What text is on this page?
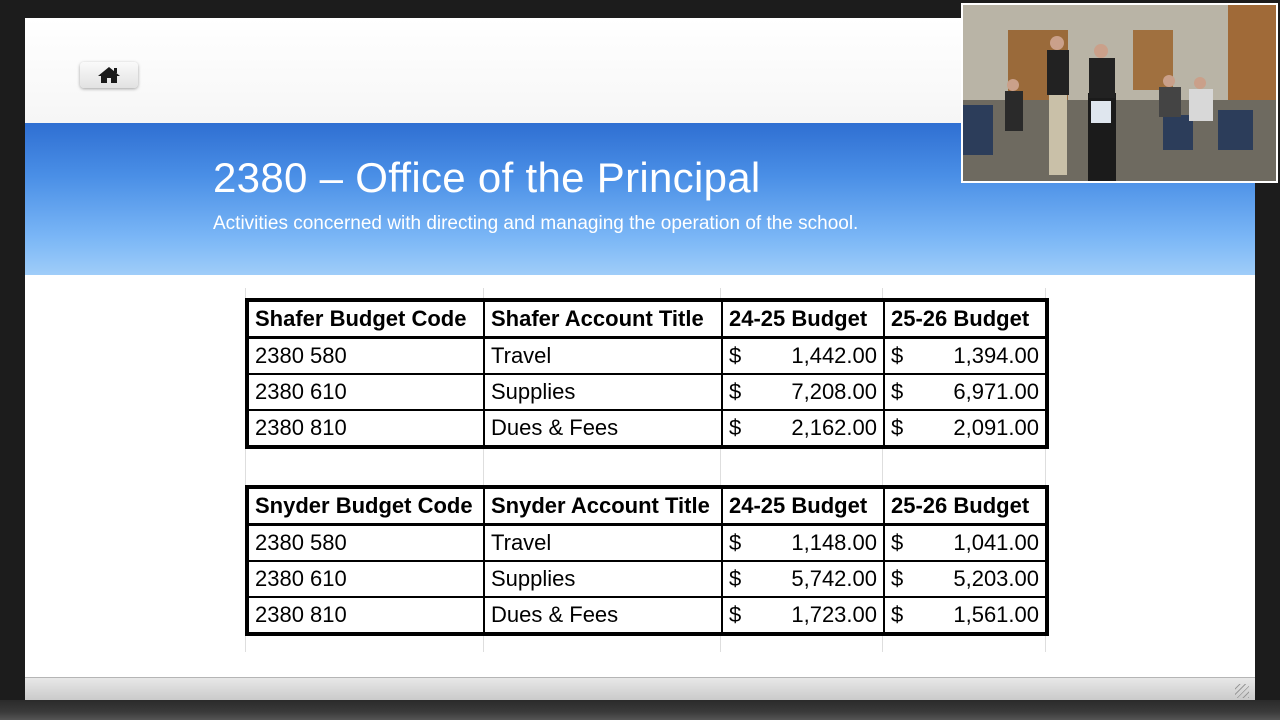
2380 – Office of the Principal
Activities concerned with directing and managing the operation of the school.
Shafer Budget Code	Shafer Account Title	24-25 Budget	25-26 Budget
2380 580	Travel	$ 1,442.00	$ 1,394.00

2380 610	Supplies	$ 7,208.00	$ 6,971.00

2380 810	Dues & Fees	$ 2,162.00	$ 2,091.00
Snyder Budget Code	Snyder Account Title	24-25 Budget	25-26 Budget
2380 580	Travel	$ 1,148.00	$ 1,041.00

2380 610	Supplies	$ 5,742.00	$ 5,203.00

2380 810	Dues & Fees	$ 1,723.00	$ 1,561.00
